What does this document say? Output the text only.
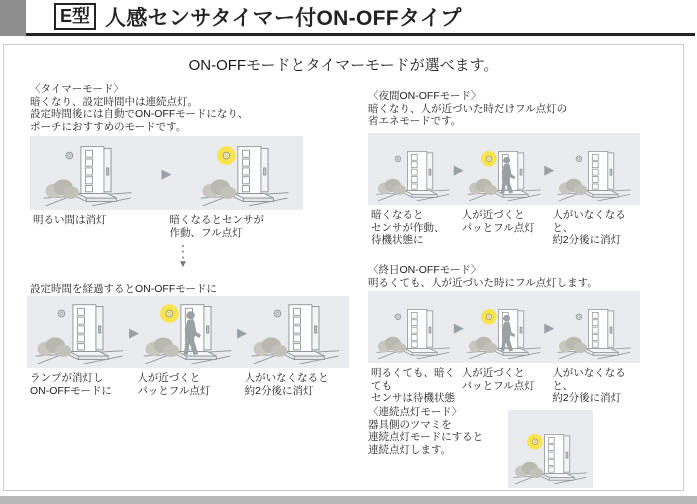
E型 人感センサタイマー付ON-OFFタイプ
ON-OFFモードとタイマーモードが選べます。
〈タイマーモード〉
暗くなり、設定時間中は連続点灯。
設定時間後には自動でON-OFFモードになり、
ポーチにおすすめのモードです。
▶
明るい間は消灯	暗くなるとセンサが
作動、フル点灯
⋮
▼
設定時間を経過するとON-OFFモードに
▶	▶
ランプが消灯し
ON-OFFモードに
人が近づくと
パッとフル点灯
人がいなくなると
約2分後に消灯
〈夜間ON-OFFモード〉
暗くなり、人が近づいた時だけフル点灯の
省エネモードです。
▶	▶
暗くなると
センサが作動、
待機状態に
人が近づくと
パッとフル点灯
人がいなくなると、
約2分後に消灯
〈終日ON-OFFモード〉
明るくても、人が近づいた時にフル点灯します。
▶	▶
明るくても、暗くても
センサは待機状態
人が近づくと
パッとフル点灯
人がいなくなると、
約2分後に消灯
〈連続点灯モード〉
器具側のツマミを
連続点灯モードにすると
連続点灯します。
